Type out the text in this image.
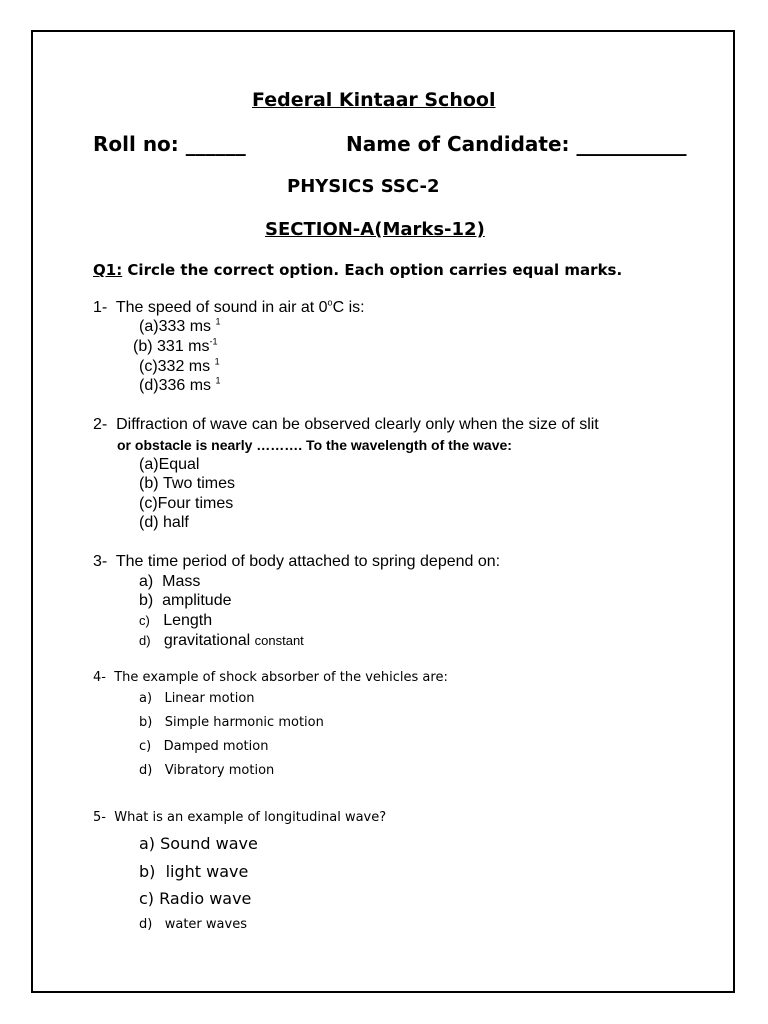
Federal Kintaar School
Roll no: ______	Name of Candidate: ___________
PHYSICS SSC-2
SECTION-A(Marks-12)
Q1: Circle the correct option. Each option carries equal marks.
1- The speed of sound in air at 0$^o$C is:
(a)333 ms $^1$
(b) 331 $ms^{-1}$
(c)332 ms $^1$
(d)336 ms $^1$
2- Diffraction of wave can be observed clearly only when the size of slit
or obstacle is nearly ………. To the wavelength of the wave:
(a)Equal
(b) Two times
(c)Four times
(d) half
3- The time period of body attached to spring depend on:
a) Mass
b) amplitude
c) Length
d) gravitational constant
4- The example of shock absorber of the vehicles are:
a) Linear motion
b) Simple harmonic motion
c) Damped motion
d) Vibratory motion
5- What is an example of longitudinal wave?
a) Sound wave
b) light wave
c) Radio wave
d) water waves
